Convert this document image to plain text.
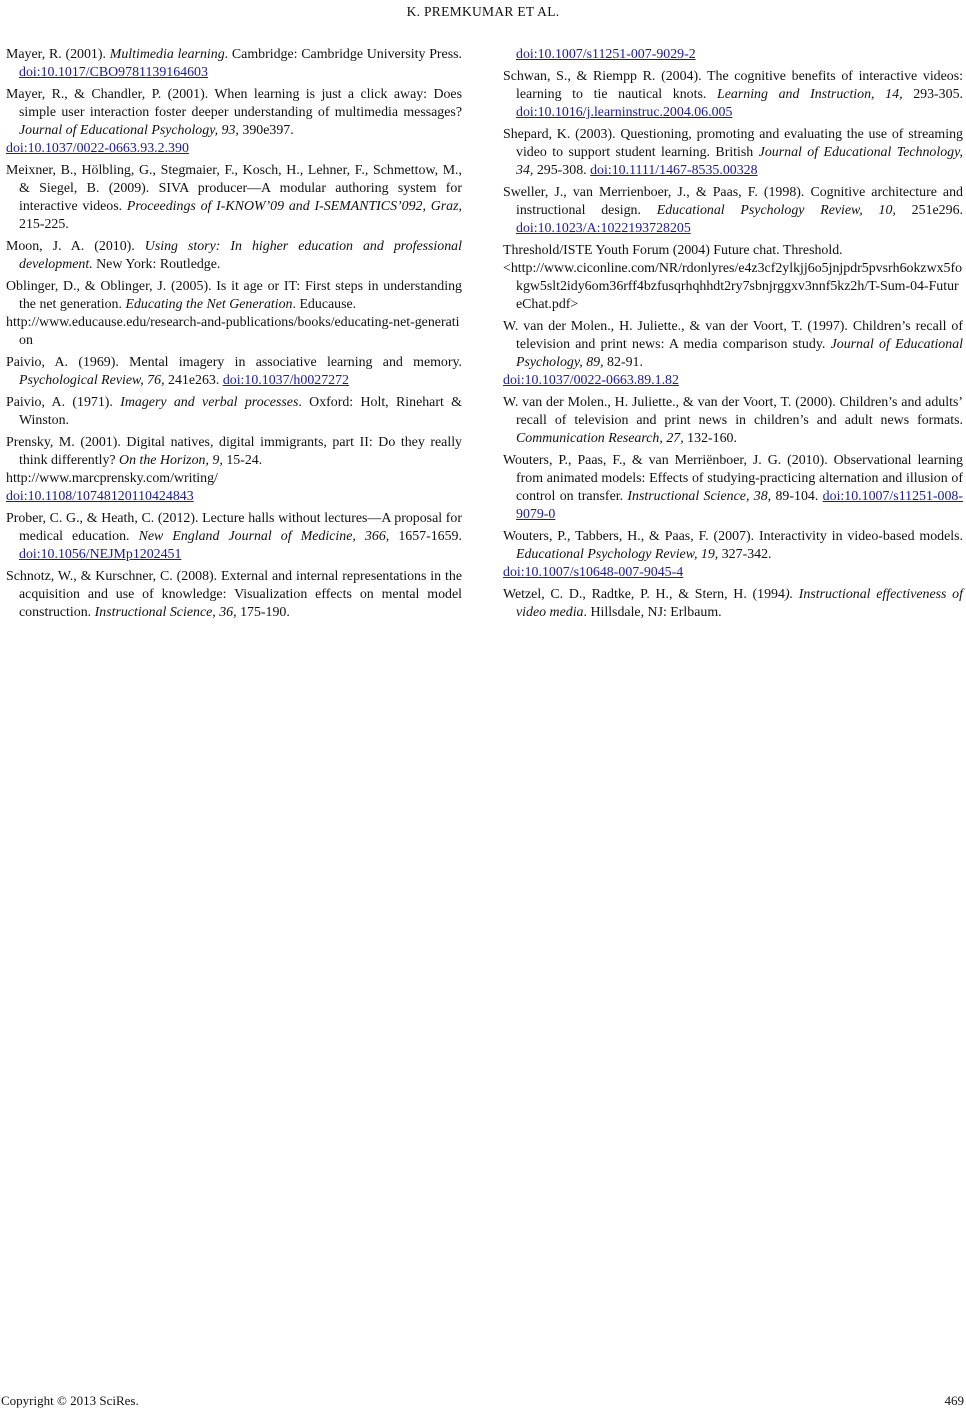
K. PREMKUMAR ET AL.
Mayer, R. (2001). Multimedia learning. Cambridge: Cambridge University Press. doi:10.1017/CBO9781139164603
Mayer, R., & Chandler, P. (2001). When learning is just a click away: Does simple user interaction foster deeper understanding of multimedia messages? Journal of Educational Psychology, 93, 390e397.
doi:10.1037/0022-0663.93.2.390
Meixner, B., Hölbling, G., Stegmaier, F., Kosch, H., Lehner, F., Schmettow, M., & Siegel, B. (2009). SIVA producer—A modular authoring system for interactive videos. Proceedings of I-KNOW’09 and I-SEMANTICS’092, Graz, 215-225.
Moon, J. A. (2010). Using story: In higher education and professional development. New York: Routledge.
Oblinger, D., & Oblinger, J. (2005). Is it age or IT: First steps in understanding the net generation. Educating the Net Generation. Educause.
http://www.educause.edu/research-and-publications/books/educating-net-generation
Paivio, A. (1969). Mental imagery in associative learning and memory. Psychological Review, 76, 241e263. doi:10.1037/h0027272
Paivio, A. (1971). Imagery and verbal processes. Oxford: Holt, Rinehart & Winston.
Prensky, M. (2001). Digital natives, digital immigrants, part II: Do they really think differently? On the Horizon, 9, 15-24.
http://www.marcprensky.com/writing/
doi:10.1108/10748120110424843
Prober, C. G., & Heath, C. (2012). Lecture halls without lectures—A proposal for medical education. New England Journal of Medicine, 366, 1657-1659. doi:10.1056/NEJMp1202451
Schnotz, W., & Kurschner, C. (2008). External and internal representations in the acquisition and use of knowledge: Visualization effects on mental model construction. Instructional Science, 36, 175-190.
doi:10.1007/s11251-007-9029-2
Schwan, S., & Riempp R. (2004). The cognitive benefits of interactive videos: learning to tie nautical knots. Learning and Instruction, 14, 293-305. doi:10.1016/j.learninstruc.2004.06.005
Shepard, K. (2003). Questioning, promoting and evaluating the use of streaming video to support student learning. British Journal of Educational Technology, 34, 295-308. doi:10.1111/1467-8535.00328
Sweller, J., van Merrienboer, J., & Paas, F. (1998). Cognitive architecture and instructional design. Educational Psychology Review, 10, 251e296. doi:10.1023/A:1022193728205
Threshold/ISTE Youth Forum (2004) Future chat. Threshold.
<http://www.ciconline.com/NR/rdonlyres/e4z3cf2ylkjj6o5jnjpdr5pvsrh6okzwx5fokgw5slt2idy6om36rff4bzfusqrhqhhdt2ry7sbnjrggxv3nnf5kz2h/T-Sum-04-FutureChat.pdf>
W. van der Molen., H. Juliette., & van der Voort, T. (1997). Children’s recall of television and print news: A media comparison study. Journal of Educational Psychology, 89, 82-91.
doi:10.1037/0022-0663.89.1.82
W. van der Molen., H. Juliette., & van der Voort, T. (2000). Children’s and adults’ recall of television and print news in children’s and adult news formats. Communication Research, 27, 132-160.
Wouters, P., Paas, F., & van Merriënboer, J. G. (2010). Observational learning from animated models: Effects of studying-practicing alternation and illusion of control on transfer. Instructional Science, 38, 89-104. doi:10.1007/s11251-008-9079-0
Wouters, P., Tabbers, H., & Paas, F. (2007). Interactivity in video-based models. Educational Psychology Review, 19, 327-342.
doi:10.1007/s10648-007-9045-4
Wetzel, C. D., Radtke, P. H., & Stern, H. (1994). Instructional effectiveness of video media. Hillsdale, NJ: Erlbaum.
Copyright © 2013 SciRes.	469
